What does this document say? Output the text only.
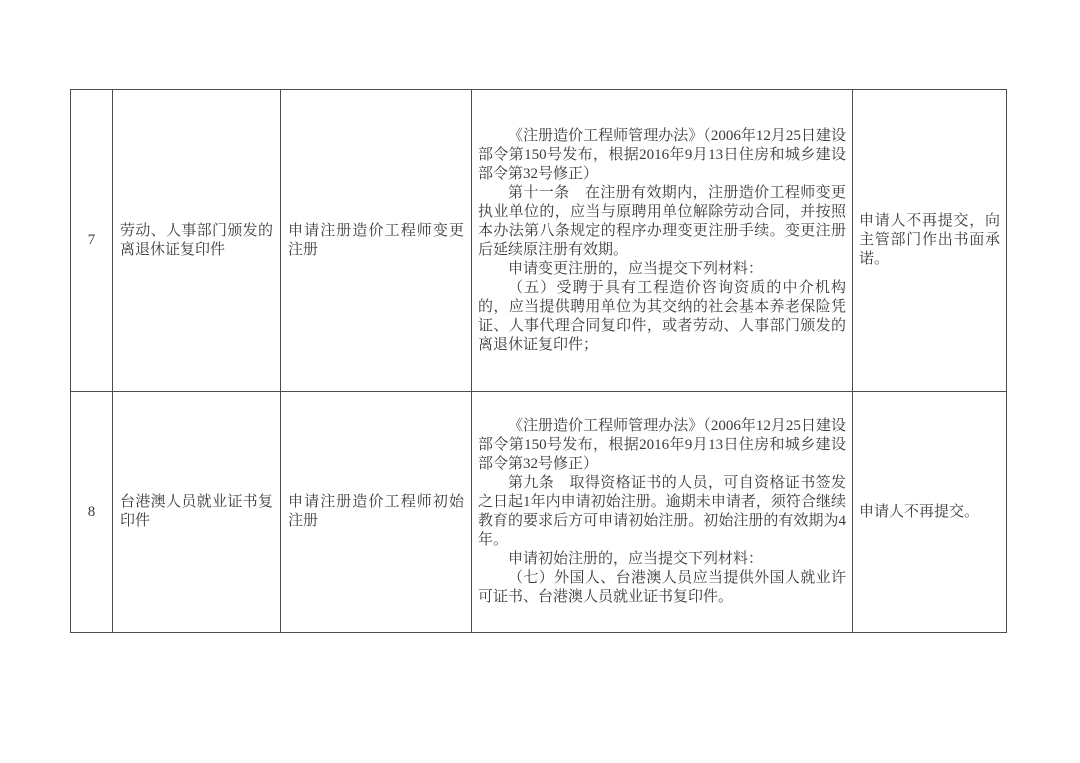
7	劳动、人事部门颁发的离退休证复印件	申请注册造价工程师变更注册	《注册造价工程师管理办法》（2006年12月25日建设部令第150号发布，根据2016年9月13日住房和城乡建设部令第32号修正）

第十一条　在注册有效期内，注册造价工程师变更执业单位的，应当与原聘用单位解除劳动合同，并按照本办法第八条规定的程序办理变更注册手续。变更注册后延续原注册有效期。

申请变更注册的，应当提交下列材料：

（五）受聘于具有工程造价咨询资质的中介机构的，应当提供聘用单位为其交纳的社会基本养老保险凭证、人事代理合同复印件，或者劳动、人事部门颁发的离退休证复印件；	申请人不再提交，向主管部门作出书面承诺。
8	台港澳人员就业证书复印件	申请注册造价工程师初始注册	《注册造价工程师管理办法》（2006年12月25日建设部令第150号发布，根据2016年9月13日住房和城乡建设部令第32号修正）

第九条　取得资格证书的人员，可自资格证书签发之日起1年内申请初始注册。逾期未申请者，须符合继续教育的要求后方可申请初始注册。初始注册的有效期为4年。

申请初始注册的，应当提交下列材料：

（七）外国人、台港澳人员应当提供外国人就业许可证书、台港澳人员就业证书复印件。	申请人不再提交。
